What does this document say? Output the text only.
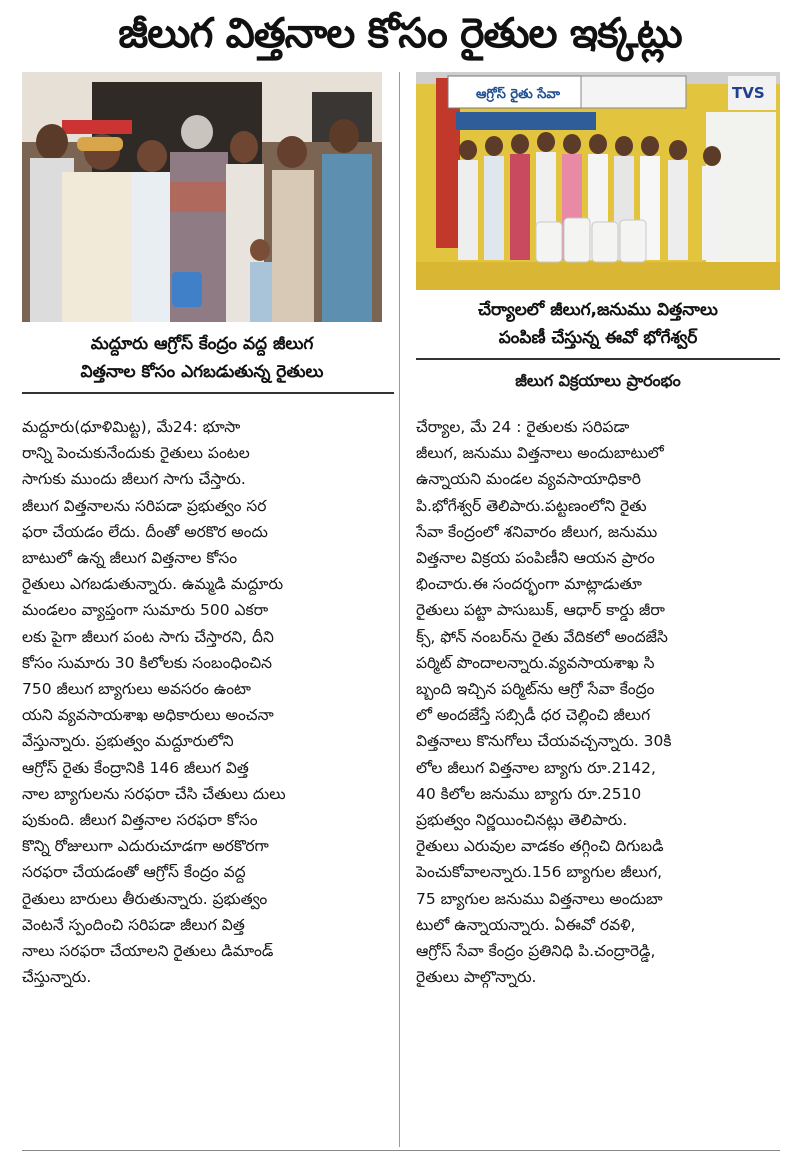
జీలుగ విత్తనాల కోసం రైతుల ఇక్కట్లు
ఆగ్రోస్ రైతు సేవా	TVS
మద్దూరు ఆగ్రోస్ కేంద్రం వద్ద జీలుగ
విత్తనాల కోసం ఎగబడుతున్న రైతులు
చేర్యాలలో జీలుగ,జనుము విత్తనాలు
పంపిణీ చేస్తున్న ఈవో భోగేశ్వర్
జీలుగ విక్రయాలు ప్రారంభం

మద్దూరు(ధూళిమిట్ట), మే24: భూసా

రాన్ని పెంచుకునేందుకు రైతులు పంటల

సాగుకు ముందు జీలుగ సాగు చేస్తారు.

జీలుగ విత్తనాలను సరిపడా ప్రభుత్వం సర

ఫరా చేయడం లేదు. దీంతో అరకొర అందు

బాటులో ఉన్న జీలుగ విత్తనాల కోసం

రైతులు ఎగబడుతున్నారు. ఉమ్మడి మద్దూరు

మండలం వ్యాప్తంగా సుమారు 500 ఎకరా

లకు పైగా జీలుగ పంట సాగు చేస్తారని, దీని

కోసం సుమారు 30 కిలోలకు సంబంధించిన

750 జీలుగ బ్యాగులు అవసరం ఉంటా

యని వ్యవసాయశాఖ అధికారులు అంచనా

వేస్తున్నారు. ప్రభుత్వం మద్దూరులోని

ఆగ్రోస్ రైతు కేంద్రానికి 146 జీలుగ విత్త

నాల బ్యాగులను సరఫరా చేసి చేతులు దులు

పుకుంది. జీలుగ విత్తనాల సరఫరా కోసం

కొన్ని రోజులుగా ఎదురుచూడగా అరకొరగా

సరఫరా చేయడంతో ఆగ్రోస్ కేంద్రం వద్ద

రైతులు బారులు తీరుతున్నారు. ప్రభుత్వం

వెంటనే స్పందించి సరిపడా జీలుగ విత్త

నాలు సరఫరా చేయాలని రైతులు డిమాండ్

చేస్తున్నారు.

చేర్యాల, మే 24 : రైతులకు సరిపడా

జీలుగ, జనుము విత్తనాలు అందుబాటులో

ఉన్నాయని మండల వ్యవసాయాధికారి

పి.భోగేశ్వర్ తెలిపారు.పట్టణంలోని రైతు

సేవా కేంద్రంలో శనివారం జీలుగ, జనుము

విత్తనాల విక్రయ పంపిణీని ఆయన ప్రారం

భించారు.ఈ సందర్భంగా మాట్లాడుతూ

రైతులు పట్టా పాసుబుక్, ఆధార్ కార్డు జీరా

క్స్, ఫోన్ నంబర్‌ను రైతు వేదికలో అందజేసి

పర్మిట్ పొందాలన్నారు.వ్యవసాయశాఖ సి

బ్బంది ఇచ్చిన పర్మిట్‌ను ఆగ్రో సేవా కేంద్రం

లో అందజేస్తే సబ్సిడీ ధర చెల్లించి జీలుగ

విత్తనాలు కొనుగోలు చేయవచ్చన్నారు. 30కి

లోల జీలుగ విత్తనాల బ్యాగు రూ.2142,

40 కిలోల జనుము బ్యాగు రూ.2510

ప్రభుత్వం నిర్ణయించినట్లు తెలిపారు.

రైతులు ఎరువుల వాడకం తగ్గించి దిగుబడి

పెంచుకోవాలన్నారు.156 బ్యాగుల జీలుగ,

75 బ్యాగుల జనుము విత్తనాలు అందుబా

టులో ఉన్నాయన్నారు. ఏఈవో రవళి,

ఆగ్రోస్ సేవా కేంద్రం ప్రతినిధి పి.చంద్రారెడ్డి,

రైతులు పాల్గొన్నారు.
